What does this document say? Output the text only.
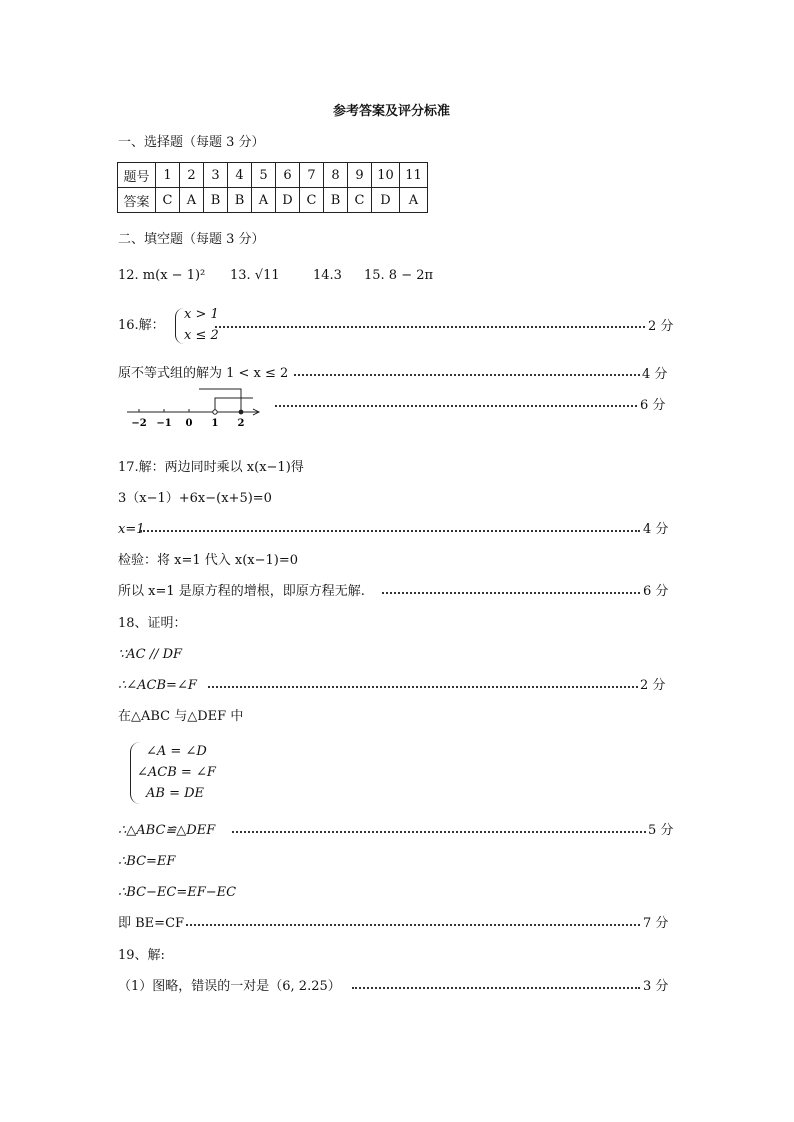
参考答案及评分标准
一、选择题（每题 3 分）
题号	1	2	3	4	5	6	7	8	9	10	11
答案	C	A	B	B	A	D	C	B	C	D	A
二、填空题（每题 3 分）
12. m(x − 1)² 13. √11	14.3 15. 8 − 2π
16.解：
x > 1
x ≤ 2
2 分
原不等式组的解为 1 < x ≤ 2	4 分
−2 −1 0 1 2
6 分
17.解：两边同时乘以 x(x−1)得
3（x−1）+6x−(x+5)=0
x=1	4 分
检验：将 x=1 代入 x(x−1)=0
所以 x=1 是原方程的增根，即原方程无解.	6 分
18、证明：
∵AC // DF
∴∠ACB=∠F	2 分
在△ABC 与△DEF 中
∠A = ∠D
∠ACB = ∠F
AB = DE
∴△ABC≌△DEF	5 分
∴BC=EF
∴BC−EC=EF−EC
即 BE=CF	7 分
19、解:
（1）图略，错误的一对是（6, 2.25）	3 分
